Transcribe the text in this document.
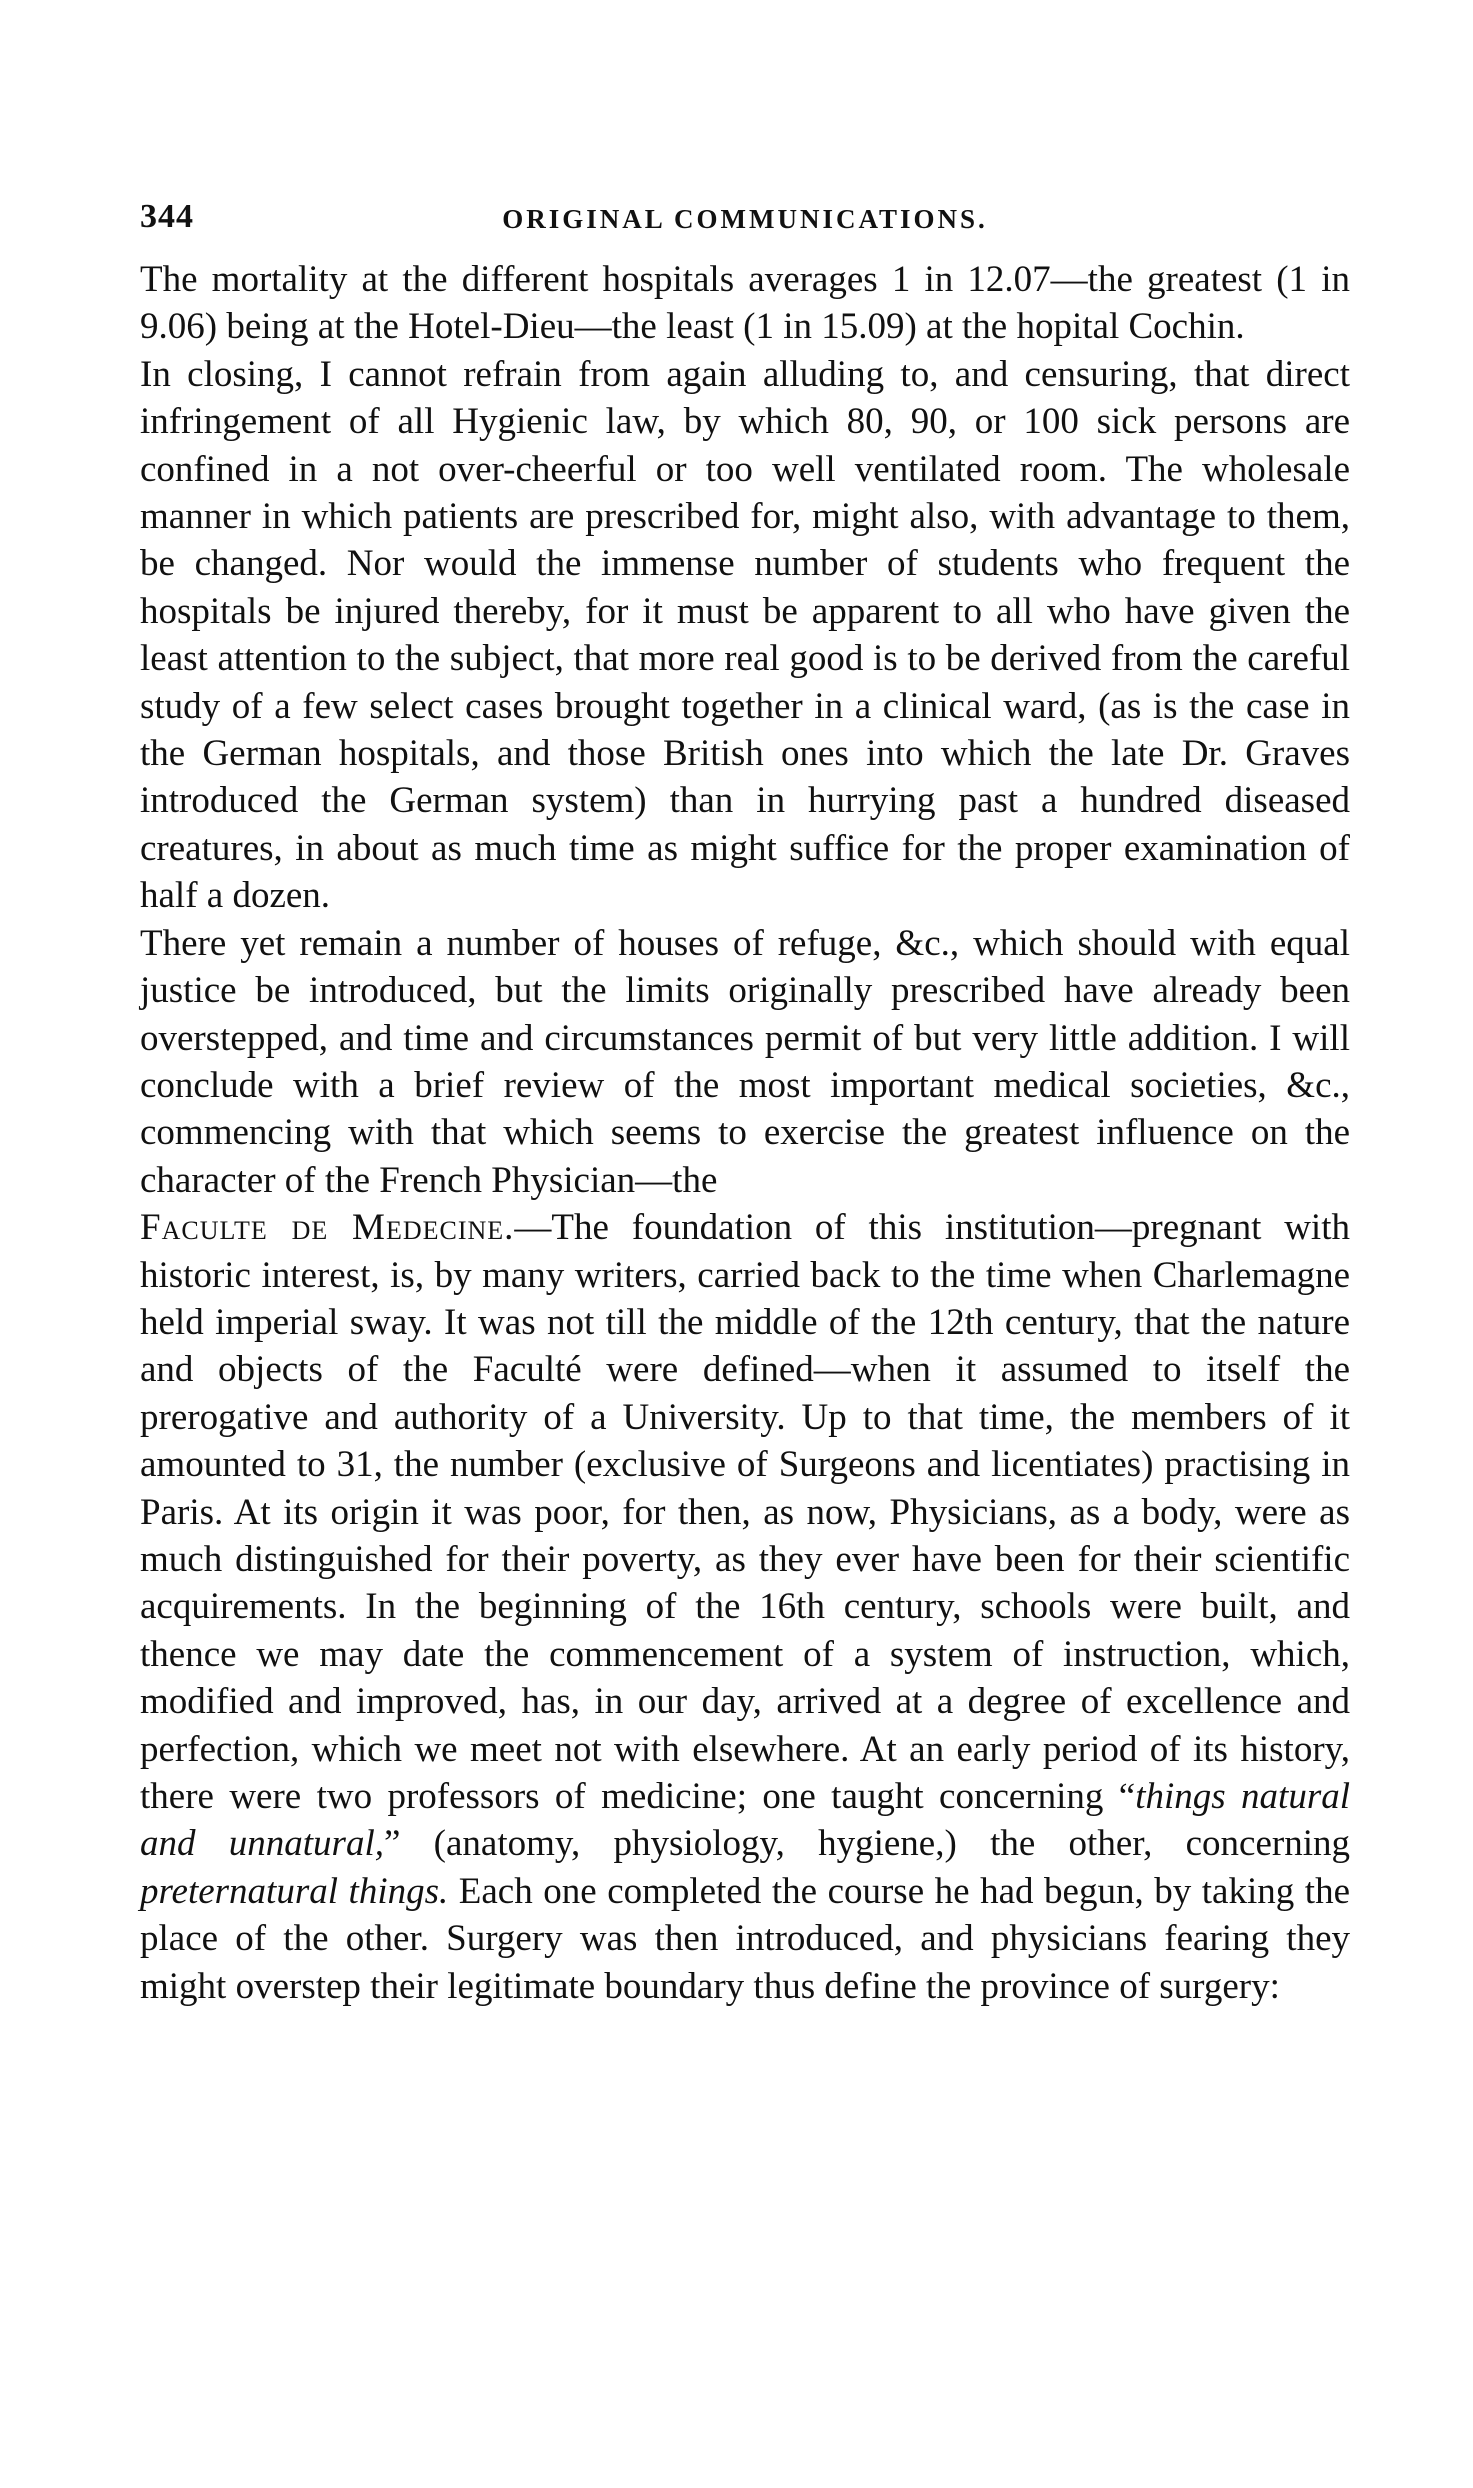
344	ORIGINAL COMMUNICATIONS.

The mortality at the different hospitals averages 1 in 12.07—the greatest (1 in 9.06) being at the Hotel-Dieu—the least (1 in 15.09) at the hopital Cochin.

In closing, I cannot refrain from again alluding to, and censuring, that direct infringement of all Hygienic law, by which 80, 90, or 100 sick persons are confined in a not over-cheerful or too well ventilated room. The wholesale manner in which patients are prescribed for, might also, with advantage to them, be changed. Nor would the immense number of students who frequent the hospitals be injured thereby, for it must be apparent to all who have given the least attention to the subject, that more real good is to be derived from the careful study of a few select cases brought together in a clinical ward, (as is the case in the German hospitals, and those British ones into which the late Dr. Graves introduced the German system) than in hurrying past a hundred diseased creatures, in about as much time as might suffice for the proper examination of half a dozen.

There yet remain a number of houses of refuge, &c., which should with equal justice be introduced, but the limits originally prescribed have already been overstepped, and time and circumstances permit of but very little addition. I will conclude with a brief review of the most important medical societies, &c., commencing with that which seems to exercise the greatest influence on the character of the French Physician—the

Faculte de Medecine.—The foundation of this institution—pregnant with historic interest, is, by many writers, carried back to the time when Charlemagne held imperial sway. It was not till the middle of the 12th century, that the nature and objects of the Faculté were defined—when it assumed to itself the prerogative and authority of a University. Up to that time, the members of it amounted to 31, the number (exclusive of Surgeons and licentiates) practising in Paris. At its origin it was poor, for then, as now, Physicians, as a body, were as much distinguished for their poverty, as they ever have been for their scientific acquirements. In the beginning of the 16th century, schools were built, and thence we may date the commencement of a system of instruction, which, modified and improved, has, in our day, arrived at a degree of excellence and perfection, which we meet not with elsewhere. At an early period of its history, there were two professors of medicine; one taught concerning “things natural and unnatural,” (anatomy, physiology, hygiene,) the other, concerning preternatural things. Each one completed the course he had begun, by taking the place of the other. Surgery was then introduced, and physicians fearing they might overstep their legitimate boundary thus define the province of surgery:
